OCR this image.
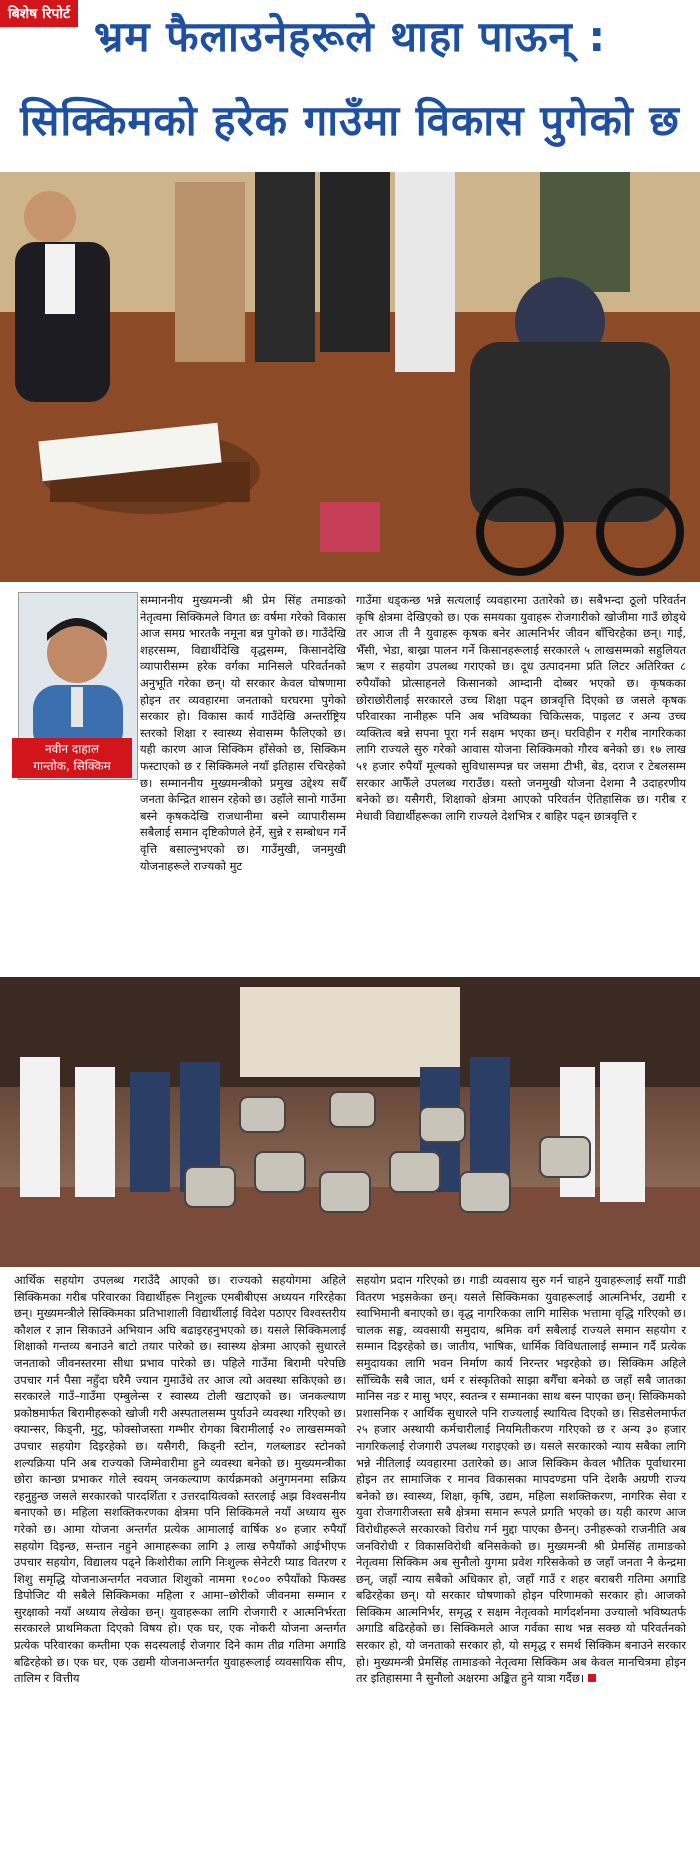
बिशेष रिपोर्ट भ्रम फैलाउनेहरूले थाहा पाऊन् :
सिक्किमको हरेक गाउँमा विकास पुगेको छ
नवीन दाहाल
गान्तोक, सिक्किम

सम्माननीय मुख्यमन्त्री श्री प्रेम सिंह तमाङको नेतृत्वमा सिक्किमले विगत छः वर्षमा गरेको विकास आज समग्र भारतकै नमूना बन्न पुगेको छ। गाउँदेखि शहरसम्म, विद्यार्थीदेखि वृद्धसम्म, किसानदेखि व्यापारीसम्म हरेक वर्गका मानिसले परिवर्तनको अनुभूति गरेका छन्। यो सरकार केवल घोषणामा होइन तर व्यवहारमा जनताको घरघरमा पुगेको सरकार हो। विकास कार्य गाउँदेखि अन्तर्राष्ट्रिय स्तरको शिक्षा र स्वास्थ्य सेवासम्म फैलिएको छ। यही कारण आज सिक्किम हाँसेको छ, सिक्किम फस्टाएको छ र सिक्किमले नयाँ इतिहास रचिरहेको छ। सम्माननीय मुख्यमन्त्रीको प्रमुख उद्देश्य सधैँ जनता केन्द्रित शासन रहेको छ। उहाँले सानो गाउँमा बस्ने कृषकदेखि राजधानीमा बस्ने व्यापारीसम्म सबैलाई समान दृष्टिकोणले हेर्ने, सुन्ने र सम्बोधन गर्ने वृत्ति बसाल्नुभएको छ। गाउँमुखी, जनमुखी योजनाहरूले राज्यको मुट

गाउँमा धड्कन्छ भन्ने सत्यलाई व्यवहारमा उतारेको छ। सबैभन्दा ठूलो परिवर्तन कृषि क्षेत्रमा देखिएको छ। एक समयका युवाहरू रोजगारीको खोजीमा गाउँ छोड्थे तर आज ती नै युवाहरू कृषक बनेर आत्मनिर्भर जीवन बाँचिरहेका छन्। गाई, भैँसी, भेडा, बाख्रा पालन गर्ने किसानहरूलाई सरकारले ५ लाखसम्मको सहुलियत ऋण र सहयोग उपलब्ध गराएको छ। दूध उत्पादनमा प्रति लिटर अतिरिक्त ८ रुपैयाँको प्रोत्साहनले किसानको आम्दानी दोब्बर भएको छ। कृषकका छोराछोरीलाई सरकारले उच्च शिक्षा पढ्न छात्रवृत्ति दिएको छ जसले कृषक परिवारका नानीहरू पनि अब भविष्यका चिकित्सक, पाइलट र अन्य उच्च व्यक्तित्व बन्ने सपना पूरा गर्न सक्षम भएका छन्। घरविहीन र गरीब नागरिकका लागि राज्यले सुरु गरेको आवास योजना सिक्किमको गौरव बनेको छ। १७ लाख ५१ हजार रुपैयाँ मूल्यको सुविधासम्पन्न घर जसमा टीभी, बेड, दराज र टेबलसम्म सरकार आफैँले उपलब्ध गराउँछ। यस्तो जनमुखी योजना देशमा नै उदाहरणीय बनेको छ। यसैगरी, शिक्षाको क्षेत्रमा आएको परिवर्तन ऐतिहासिक छ। गरीब र मेधावी विद्यार्थीहरूका लागि राज्यले देशभित्र र बाहिर पढ्न छात्रवृत्ति र

आर्थिक सहयोग उपलब्ध गराउँदै आएको छ। राज्यको सहयोगमा अहिले सिक्किमका गरीब परिवारका विद्यार्थीहरू निशुल्क एमबीबीएस अध्ययन गरिरहेका छन्। मुख्यमन्त्रीले सिक्किमका प्रतिभाशाली विद्यार्थीलाई विदेश पठाएर विश्वस्तरीय कौशल र ज्ञान सिकाउने अभियान अघि बढाइरहनुभएको छ। यसले सिक्किमलाई शिक्षाको गन्तव्य बनाउने बाटो तयार पारेको छ। स्वास्थ्य क्षेत्रमा आएको सुधारले जनताको जीवनस्तरमा सीधा प्रभाव पारेको छ। पहिले गाउँमा बिरामी परेपछि उपचार गर्न पैसा नहुँदा घरैमै ज्यान गुमाउँथे तर आज त्यो अवस्था सकिएको छ। सरकारले गाउँ–गाउँमा एम्बुलेन्स र स्वास्थ्य टोली खटाएको छ। जनकल्याण प्रकोष्ठमार्फत बिरामीहरूको खोजी गरी अस्पतालसम्म पुर्याउने व्यवस्था गरिएको छ। क्यान्सर, किड्नी, मुटु, फोक्सोजस्ता गम्भीर रोगका बिरामीलाई २० लाखसम्मको उपचार सहयोग दिइरहेको छ। यसैगरी, किड्नी स्टोन, गलब्लाडर स्टोनको शल्यक्रिया पनि अब राज्यको जिम्मेवारीमा हुने व्यवस्था बनेको छ। मुख्यमन्त्रीका छोरा कान्छा प्रभाकर गोले स्वयम् जनकल्याण कार्यक्रमको अनुगमनमा सक्रिय रहनुहुन्छ जसले सरकारको पारदर्शिता र उत्तरदायित्वको स्तरलाई अझ विश्वसनीय बनाएको छ। महिला सशक्तिकरणका क्षेत्रमा पनि सिक्किमले नयाँ अध्याय सुरु गरेको छ। आमा योजना अन्तर्गत प्रत्येक आमालाई वार्षिक ४० हजार रुपैयाँ सहयोग दिइन्छ, सन्तान नहुने आमाहरूका लागि ३ लाख रुपैयाँको आईभीएफ उपचार सहयोग, विद्यालय पढ्ने किशोरीका लागि निःशुल्क सेनेटरी प्याड वितरण र शिशु समृद्धि योजनाअन्तर्गत नवजात शिशुको नाममा १०८०० रुपैयाँको फिक्स्ड डिपोजिट यी सबैले सिक्किमका महिला र आमा–छोरीको जीवनमा सम्मान र सुरक्षाको नयाँ अध्याय लेखेका छन्। युवाहरूका लागि रोजगारी र आत्मनिर्भरता सरकारले प्राथमिकता दिएको विषय हो। एक घर, एक नोकरी योजना अन्तर्गत प्रत्येक परिवारका कम्तीमा एक सदस्यलाई रोजगार दिने काम तीव्र गतिमा अगाडि बढिरहेको छ। एक घर, एक उद्यमी योजनाअन्तर्गत युवाहरूलाई व्यवसायिक सीप, तालिम र वित्तीय

सहयोग प्रदान गरिएको छ। गाडी व्यवसाय सुरु गर्न चाहने युवाहरूलाई सयौँ गाडी वितरण भइसकेका छन्। यसले सिक्किमका युवाहरूलाई आत्मनिर्भर, उद्यमी र स्वाभिमानी बनाएको छ। वृद्ध नागरिकका लागि मासिक भत्तामा वृद्धि गरिएको छ। चालक सङ्घ, व्यवसायी समुदाय, श्रमिक वर्ग सबैलाई राज्यले समान सहयोग र सम्मान दिइरहेको छ। जातीय, भाषिक, धार्मिक विविधतालाई सम्मान गर्दै प्रत्येक समुदायका लागि भवन निर्माण कार्य निरन्तर भइरहेको छ। सिक्किम अहिले साँच्चिकै सबै जात, धर्म र संस्कृतिको साझा बगैँचा बनेको छ जहाँ सबै जातका मानिस नङ र मासु भएर, स्वतन्त्र र सम्मानका साथ बस्न पाएका छन्। सिक्किमको प्रशासनिक र आर्थिक सुधारले पनि राज्यलाई स्थायित्व दिएको छ। सिडसेलमार्फत २५ हजार अस्थायी कर्मचारीलाई नियमितीकरण गरिएको छ र अन्य ३० हजार नागरिकलाई रोजगारी उपलब्ध गराइएको छ। यसले सरकारको न्याय सबैका लागि भन्ने नीतिलाई व्यवहारमा उतारेको छ। आज सिक्किम केवल भौतिक पूर्वाधारमा होइन तर सामाजिक र मानव विकासका मापदण्डमा पनि देशकै अग्रणी राज्य बनेको छ। स्वास्थ्य, शिक्षा, कृषि, उद्यम, महिला सशक्तिकरण, नागरिक सेवा र युवा रोजगारीजस्ता सबै क्षेत्रमा समान रूपले प्रगति भएको छ। यही कारण आज विरोधीहरूले सरकारको विरोध गर्न मुद्दा पाएका छैनन्। उनीहरूको राजनीति अब जनविरोधी र विकासविरोधी बनिसकेको छ। मुख्यमन्त्री श्री प्रेमसिंह तामाङको नेतृत्वमा सिक्किम अब सुनौलो युगमा प्रवेश गरिसकेको छ जहाँ जनता नै केन्द्रमा छन्, जहाँ न्याय सबैको अधिकार हो, जहाँ गाउँ र शहर बराबरी गतिमा अगाडि बढिरहेका छन्। यो सरकार घोषणाको होइन परिणामको सरकार हो। आजको सिक्किम आत्मनिर्भर, समृद्ध र सक्षम नेतृत्वको मार्गदर्शनमा उज्यालो भविष्यतर्फ अगाडि बढिरहेको छ। सिक्किमले आज गर्वका साथ भन्न सक्छ यो परिवर्तनको सरकार हो, यो जनताको सरकार हो, यो समृद्ध र समर्थ सिक्किम बनाउने सरकार हो। मुख्यमन्त्री प्रेमसिंह तामाङको नेतृत्वमा सिक्किम अब केवल मानचित्रमा होइन तर इतिहासमा नै सुनौलो अक्षरमा अङ्कित हुने यात्रा गर्दैछ।
